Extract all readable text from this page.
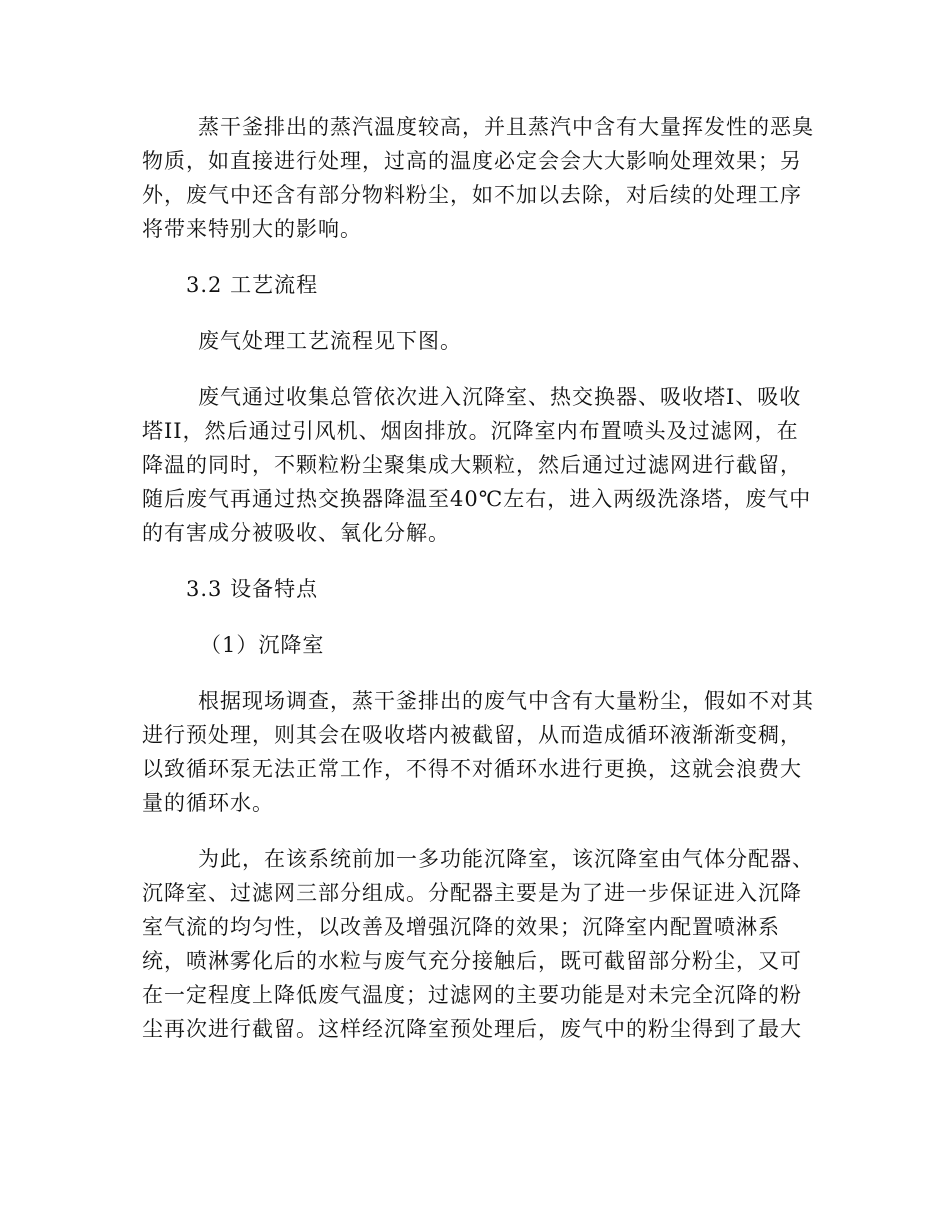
蒸干釜排出的蒸汽温度较高，并且蒸汽中含有大量挥发性的恶臭
物质，如直接进行处理，过高的温度必定会会大大影响处理效果；另
外，废气中还含有部分物料粉尘，如不加以去除，对后续的处理工序
将带来特别大的影响。
3.2 工艺流程
废气处理工艺流程见下图。
废气通过收集总管依次进入沉降室、热交换器、吸收塔I、吸收
塔II，然后通过引风机、烟囱排放。沉降室内布置喷头及过滤网，在
降温的同时，不颗粒粉尘聚集成大颗粒，然后通过过滤网进行截留，
随后废气再通过热交换器降温至40℃左右，进入两级洗涤塔，废气中
的有害成分被吸收、氧化分解。
3.3 设备特点
（1）沉降室
根据现场调查，蒸干釜排出的废气中含有大量粉尘，假如不对其
进行预处理，则其会在吸收塔内被截留，从而造成循环液渐渐变稠，
以致循环泵无法正常工作，不得不对循环水进行更换，这就会浪费大
量的循环水。
为此，在该系统前加一多功能沉降室，该沉降室由气体分配器、
沉降室、过滤网三部分组成。分配器主要是为了进一步保证进入沉降
室气流的均匀性，以改善及增强沉降的效果；沉降室内配置喷淋系
统，喷淋雾化后的水粒与废气充分接触后，既可截留部分粉尘，又可
在一定程度上降低废气温度；过滤网的主要功能是对未完全沉降的粉
尘再次进行截留。这样经沉降室预处理后，废气中的粉尘得到了最大
